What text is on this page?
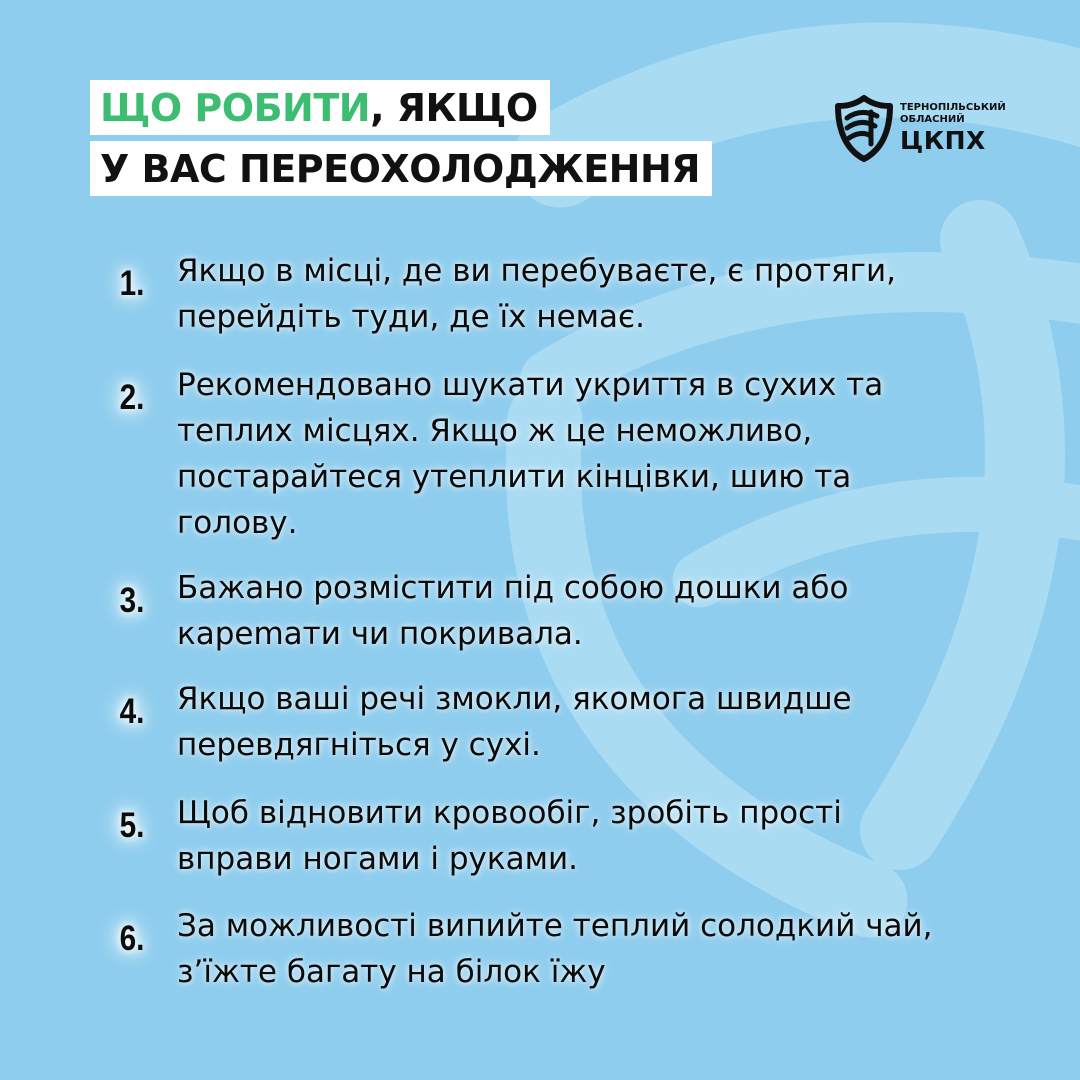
ЩО РОБИТИ, ЯКЩО
У ВАС ПЕРЕОХОЛОДЖЕННЯ
ТЕРНОПІЛЬСЬКИЙ
ОБЛАСНИЙ
ЦКПХ
1. Якщо в місці, де ви перебуваєте, є протяги, перейдіть туди, де їх немає.
2. Рекомендовано шукати укриття в сухих та теплих місцях. Якщо ж це неможливо, постарайтеся утеплити кінцівки, шию та голову.
3. Бажано розмістити під собою дошки або карemати чи покривала.
4. Якщо ваші речі змокли, якомога швидше перевдягніться у сухі.
5. Щоб відновити кровообіг, зробіть прості вправи ногами і руками.
6. За можливості випийте теплий солодкий чай, з’їжте багату на білок їжу
